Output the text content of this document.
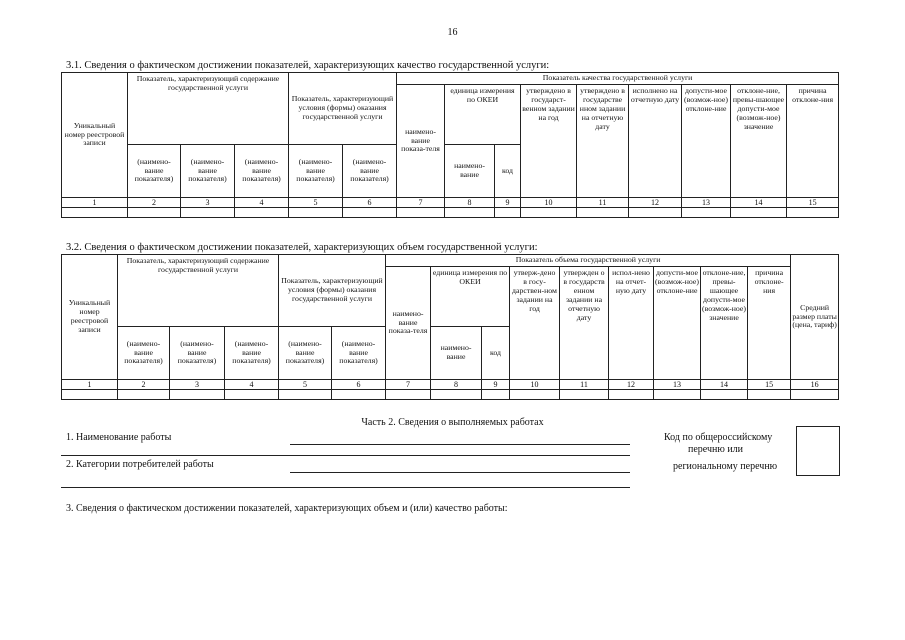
16
3.1. Сведения о фактическом достижении показателей, характеризующих качество государственной услуги:
Уникальный номер реестровой записи	Показатель, характеризующий содержание государственной услуги			Показатель, характеризующий условия (формы) оказания государственной услуги		Показатель качества государственной услуги								
						наимено-вание показа-теля	единица измерения по ОКЕИ		утверждено в государст-венном задании на год	утверждено в государстве нном задании на отчетную дату	исполнено на отчетную дату	допусти-мое (возмож-ное) отклоне-ние	отклоне-ние, превы-шающее допусти-мое (возмож-ное) значение	причина отклоне-ния
	(наимено-вание показателя)	(наимено-вание показателя)	(наимено-вание показателя)	(наимено-вание показателя)	(наимено-вание показателя)		наимено-вание	код						
1	2	3	4	5	6	7	8	9	10	11	12	13	14	15

3.2. Сведения о фактическом достижении показателей, характеризующих объем государственной услуги:
Уникальный номер реестровой записи	Показатель, характеризующий содержание государственной услуги			Показатель, характеризующий условия (формы) оказания государственной услуги		Показатель объема государственной услуги									Средний размер платы (цена, тариф)
						наимено-вание показа-теля	единица измерения по ОКЕИ		утверж-дено в госу-дарствен-ном задании на год	утвержден о в государств енном задании на отчетную дату	испол-нено на отчет-ную дату	допусти-мое (возмож-ное) отклоне-ние	отклоне-ние, превы-шающее допусти-мое (возмож-ное) значение	причина отклоне-ния	
	(наимено-вание показателя)	(наимено-вание показателя)	(наимено-вание показателя)	(наимено-вание показателя)	(наимено-вание показателя)		наимено-вание	код							
1	2	3	4	5	6	7	8	9	10	11	12	13	14	15	16

Часть 2. Сведения о выполняемых работах
1. Наименование работы
2. Категории потребителей работы
Код по общероссийскому
перечню или
региональному перечню
3. Сведения о фактическом достижении показателей, характеризующих объем и (или) качество работы:
